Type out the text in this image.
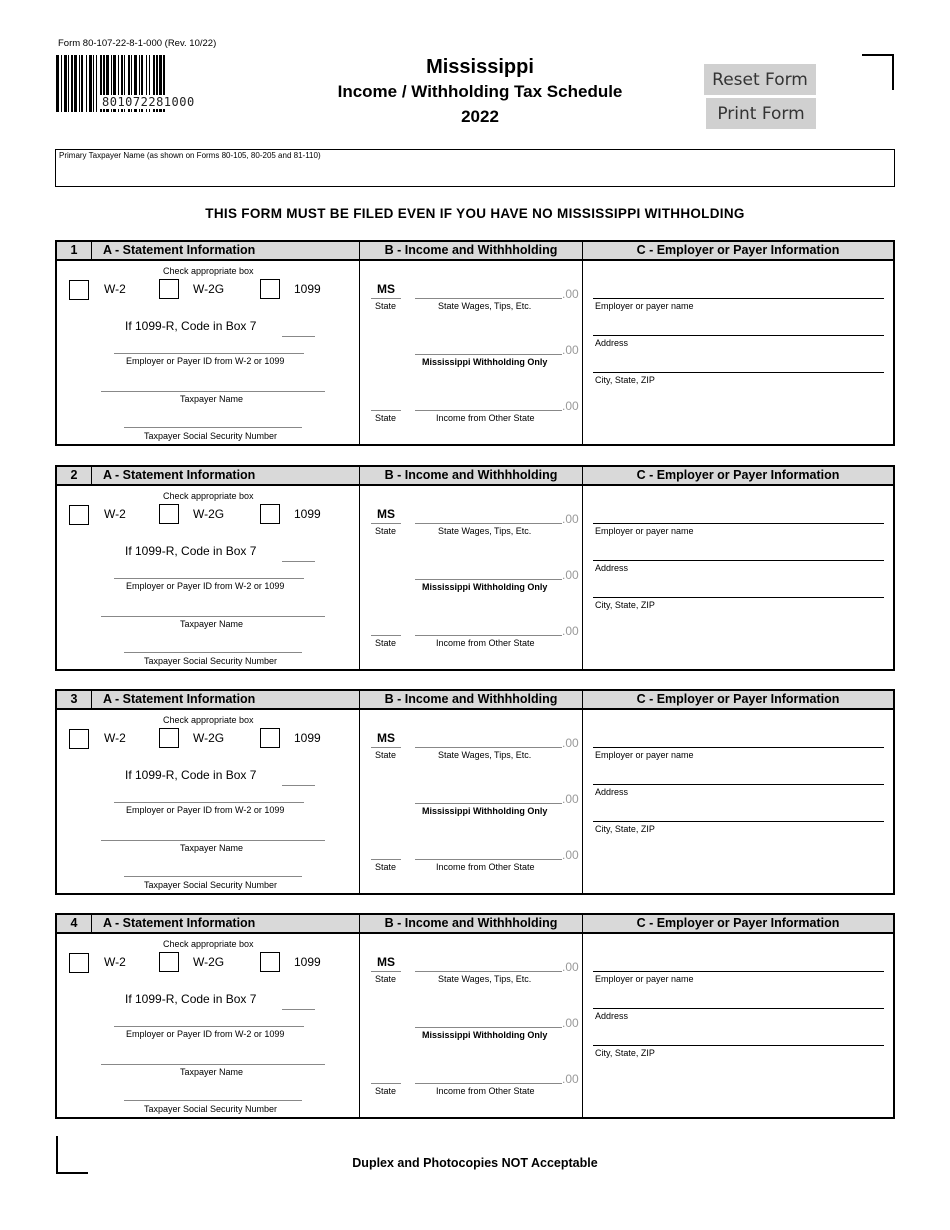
Form 80-107-22-8-1-000 (Rev. 10/22)
801072281000
Mississippi
Income / Withholding Tax Schedule
2022
Reset Form
Print Form
Primary Taxpayer Name (as shown on Forms 80-105, 80-205 and 81-110)
THIS FORM MUST BE FILED EVEN IF YOU HAVE NO MISSISSIPPI WITHHOLDING
1	A - Statement Information	B - Income and Withhholding	C - Employer or Payer Information
Check appropriate box
W-2	W-2G	1099
If 1099-R, Code in Box 7
Employer or Payer ID from W-2 or 1099
Taxpayer Name
Taxpayer Social Security Number
MS
State	State Wages, Tips, Etc.
.00
Mississippi Withholding Only
.00
State	Income from Other State
.00
Employer or payer name
Address
City, State, ZIP
2	A - Statement Information	B - Income and Withhholding	C - Employer or Payer Information
Check appropriate box
W-2	W-2G	1099
If 1099-R, Code in Box 7
Employer or Payer ID from W-2 or 1099
Taxpayer Name
Taxpayer Social Security Number
MS
State	State Wages, Tips, Etc.
.00
Mississippi Withholding Only
.00
State	Income from Other State
.00
Employer or payer name
Address
City, State, ZIP
3	A - Statement Information	B - Income and Withhholding	C - Employer or Payer Information
Check appropriate box
W-2	W-2G	1099
If 1099-R, Code in Box 7
Employer or Payer ID from W-2 or 1099
Taxpayer Name
Taxpayer Social Security Number
MS
State	State Wages, Tips, Etc.
.00
Mississippi Withholding Only
.00
State	Income from Other State
.00
Employer or payer name
Address
City, State, ZIP
4	A - Statement Information	B - Income and Withhholding	C - Employer or Payer Information
Check appropriate box
W-2	W-2G	1099
If 1099-R, Code in Box 7
Employer or Payer ID from W-2 or 1099
Taxpayer Name
Taxpayer Social Security Number
MS
State	State Wages, Tips, Etc.
.00
Mississippi Withholding Only
.00
State	Income from Other State
.00
Employer or payer name
Address
City, State, ZIP
Duplex and Photocopies NOT Acceptable
